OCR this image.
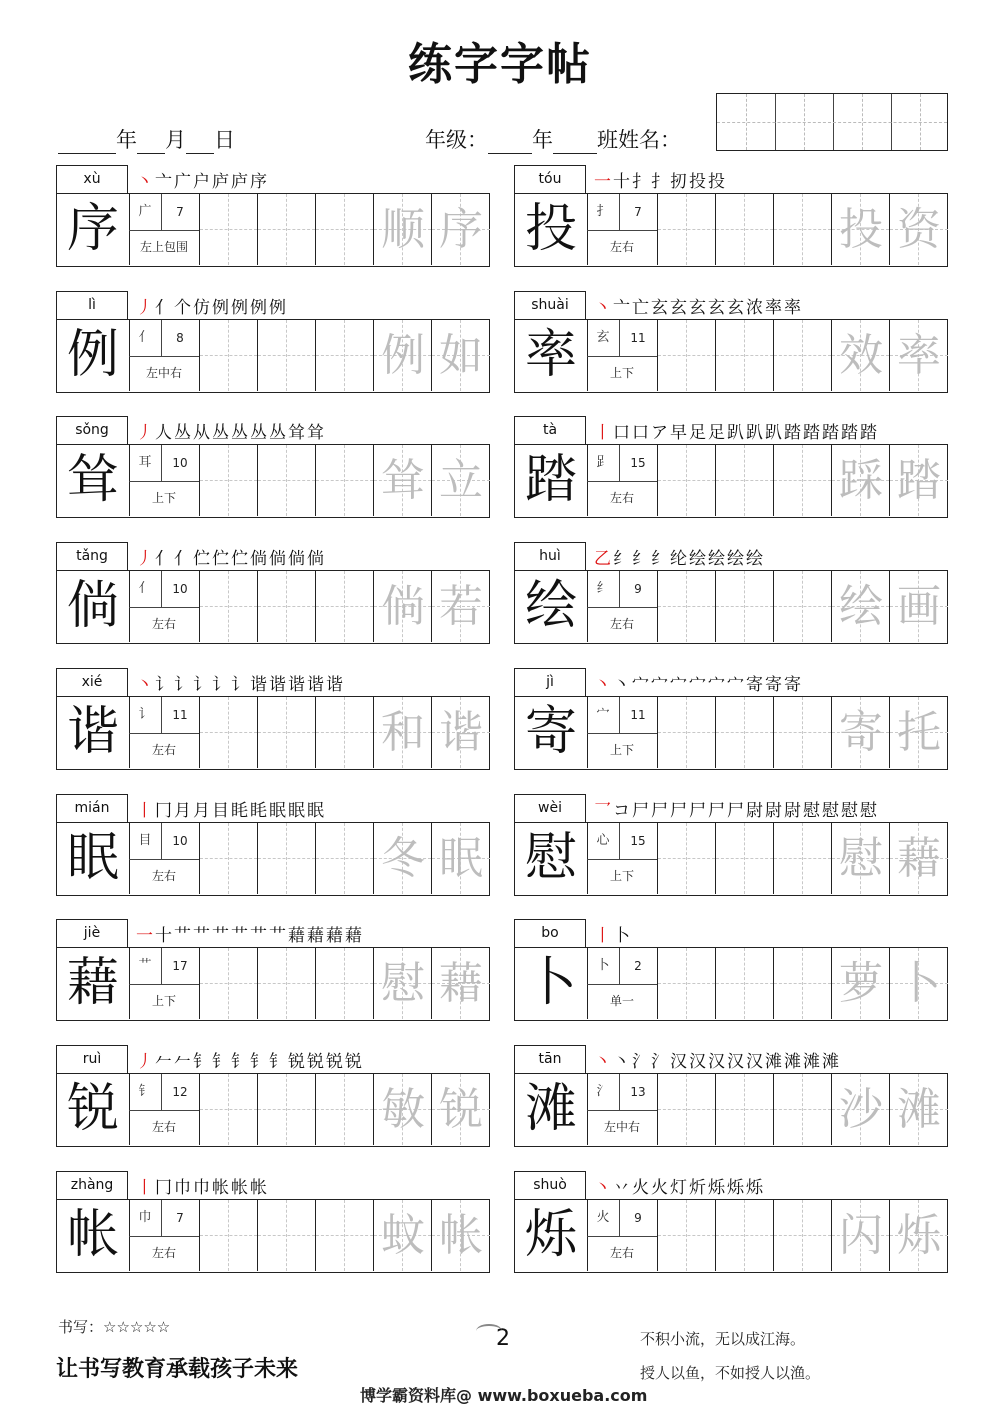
练字字帖
年 月 日	年级： 年 班姓名：
xù	丶亠广户庐庐序
序	广	7
左上包围	顺 序
tóu	一十扌扌扨投投
投	扌	7
左右	投 资
lì	丿亻个仿例例例例
例	亻	8
左中右	例 如
shuài	丶亠亡玄玄玄玄玄浓率率
率	玄	11
上下	效 率
sǒng	丿人丛从丛丛丛丛耸耸
耸	耳	10
上下	耸 立
tà	丨口口ア早足足趴趴趴踏踏踏踏踏
踏	𧾷	15
左右	踩 踏
tǎng	丿亻亻伫伫伫倘倘倘倘
倘	亻	10
左右	倘 若
huì	乙纟纟纟纶绘绘绘绘
绘	纟	9
左右	绘 画
xié	丶讠讠讠讠讠谐谐谐谐谐
谐	讠	11
左右	和 谐
jì	丶丶宀宀宀宀宀宀寄寄寄
寄	宀	11
上下	寄 托
mián	丨冂月月目眊眊眠眠眠
眠	目	10
左右	冬 眠
wèi	乛コ尸尸尸尸尸尸尉尉尉慰慰慰慰
慰	心	15
上下	慰 藉
jiè	一十艹艹艹艹艹艹藉藉藉藉
藉	艹	17
上下	慰 藉
bo	丨卜
卜	卜	2
单一	萝 卜
ruì	丿𠂉𠂉钅钅钅钅钅锐锐锐锐
锐	钅	12
左右	敏 锐
tān	丶丶氵氵汉汉汉汉汉滩滩滩滩
滩	氵	13
左中右	沙 滩
zhàng	丨冂巾巾帐帐帐
帐	巾	7
左右	蚊 帐
shuò	丶丷火火灯炘烁烁烁
烁	火	9
左右	闪 烁
书写：☆☆☆☆☆
让书写教育承载孩子未来
2	不积小流，无以成江海。
授人以鱼，不如授人以渔。
博学霸资料库@ www.boxueba.com
